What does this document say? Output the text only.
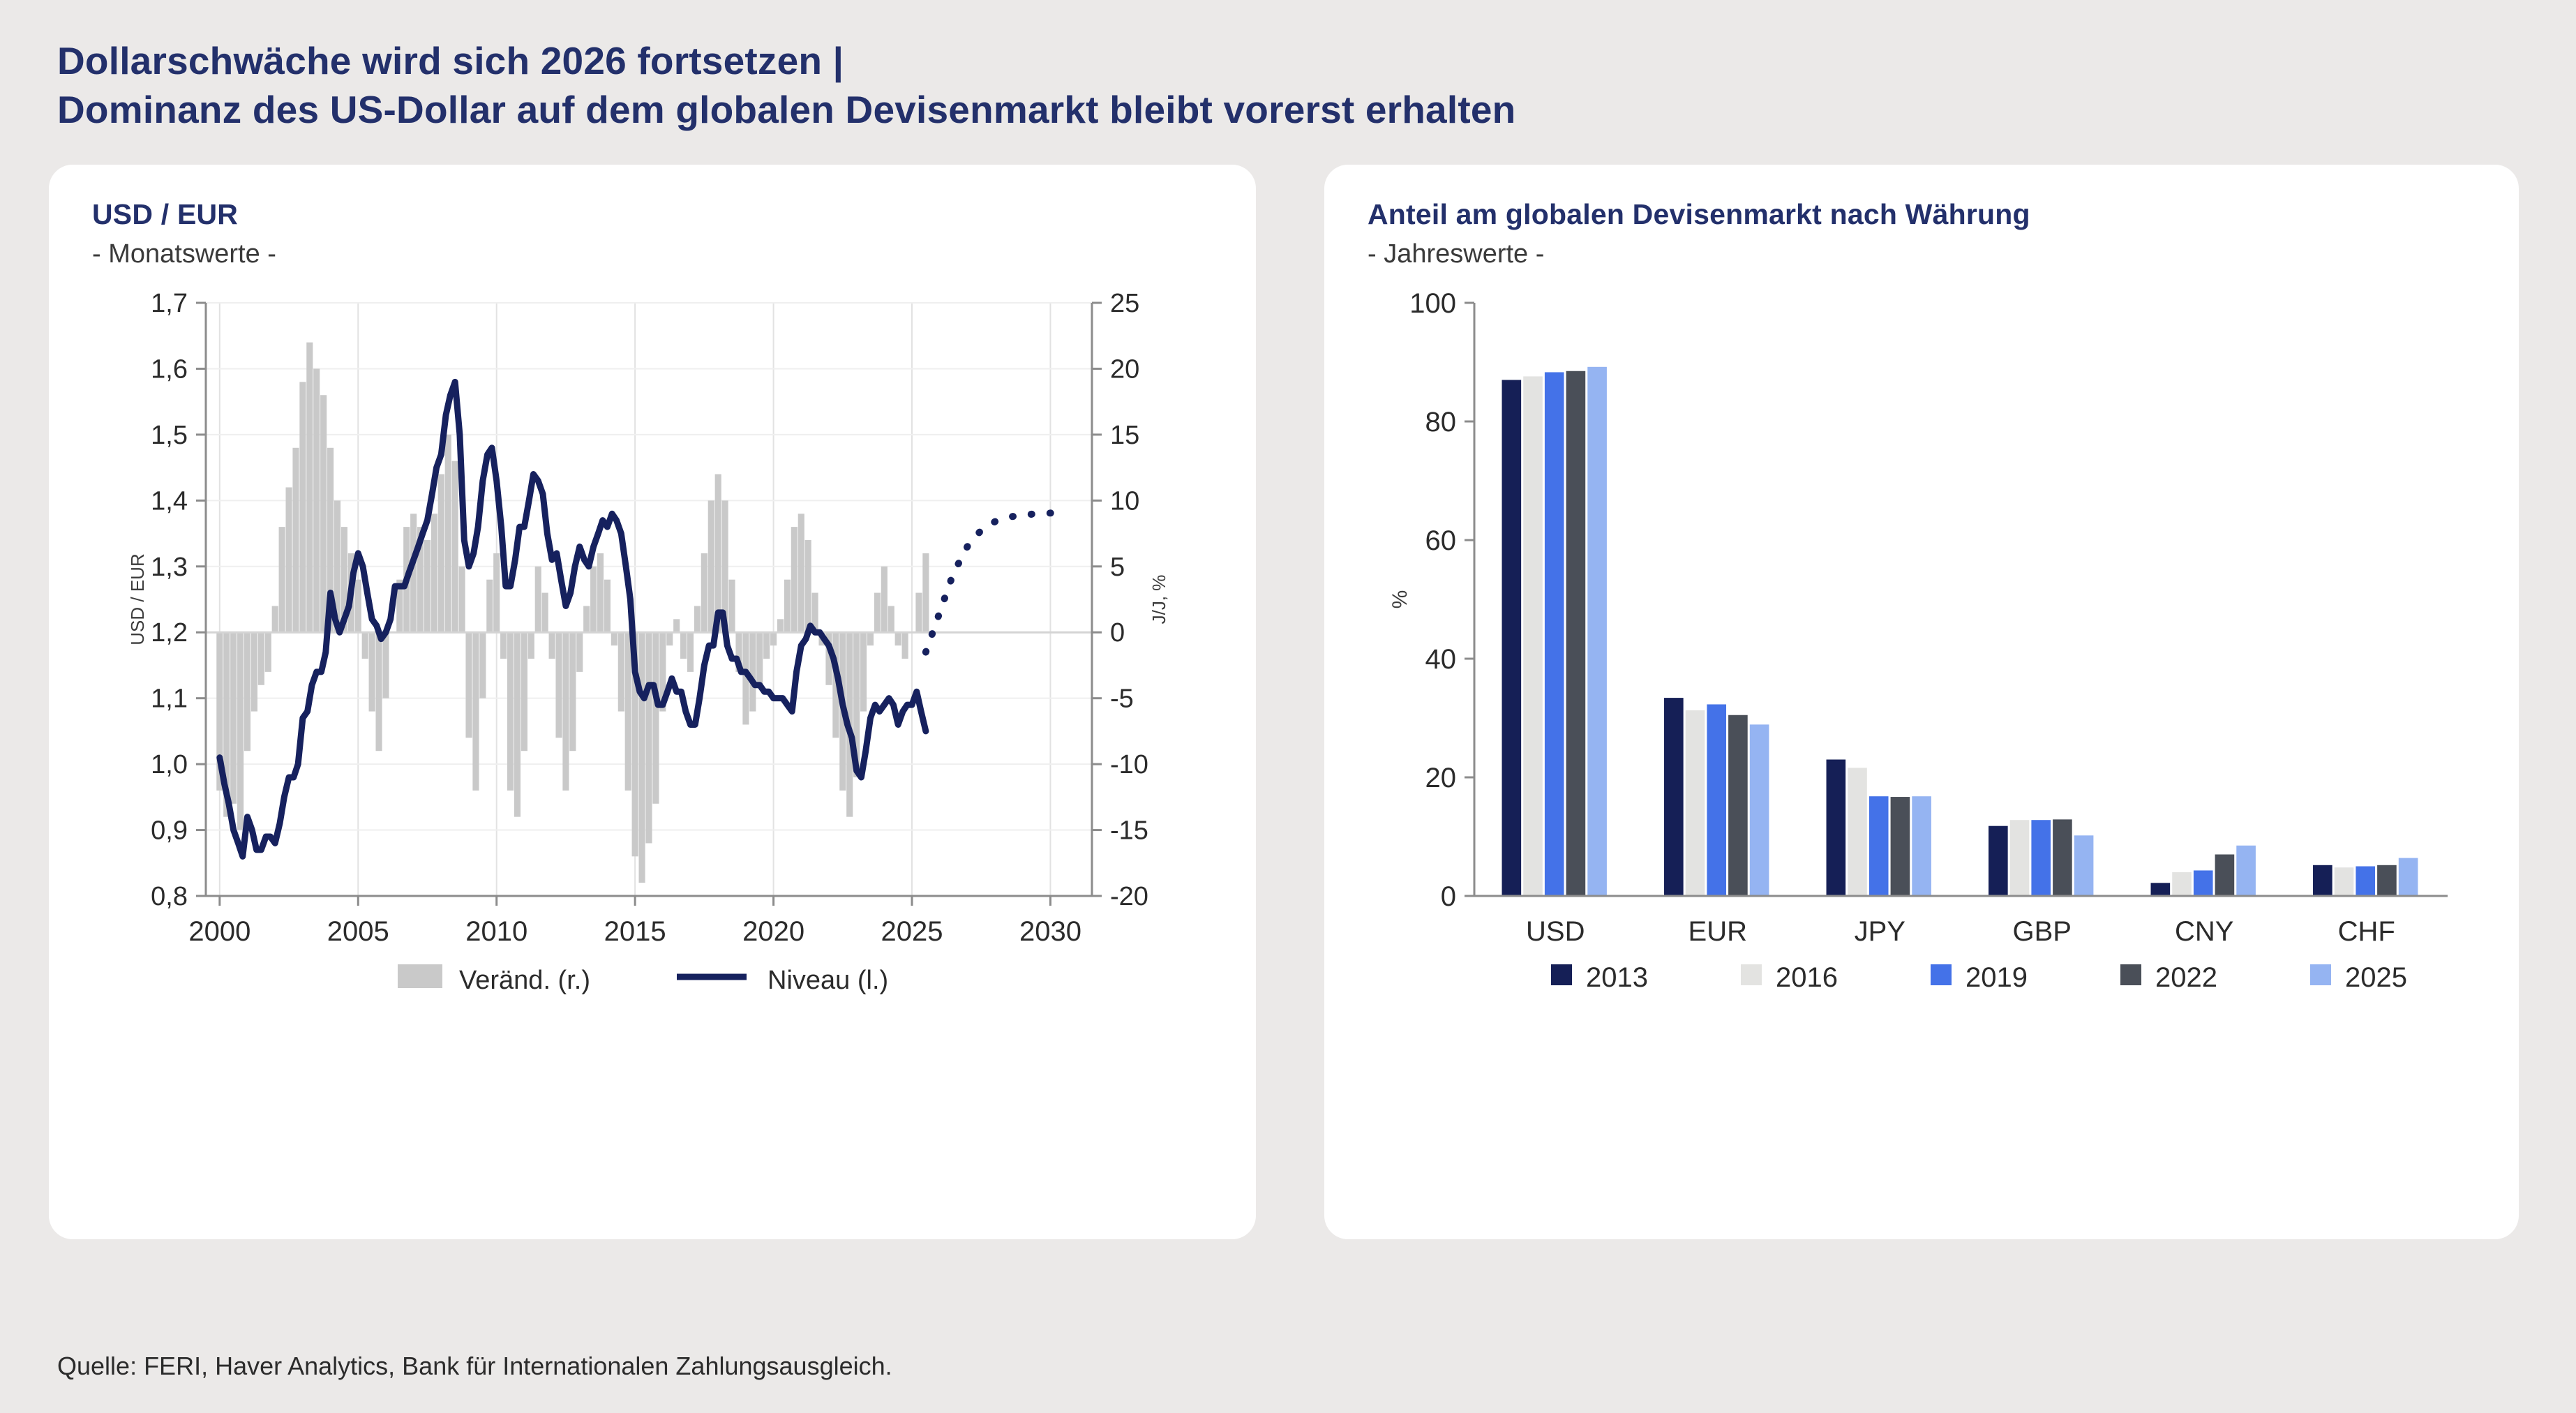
Dollarschwäche wird sich 2026 fortsetzen |
Dominanz des US-Dollar auf dem globalen Devisenmarkt bleibt vorerst erhalten
USD / EUR
- Monatswerte -
0,8
0,9
1,0
1,1
1,2
1,3
1,4
1,5
1,6
1,7
-20
-15
-10
-5
0
5
10
15
20
25
2000	2005	2010	2015	2020	2025	2030
USD / EUR	J/J, %
Veränd. (r.)	Niveau (l.)
Anteil am globalen Devisenmarkt nach Währung
- Jahreswerte -
USD	EUR	JPY	GBP	CNY	CHF
0
20
40
60
80
100
%
2013	2016	2019	2022	2025
Quelle: FERI, Haver Analytics, Bank für Internationalen Zahlungsausgleich.
